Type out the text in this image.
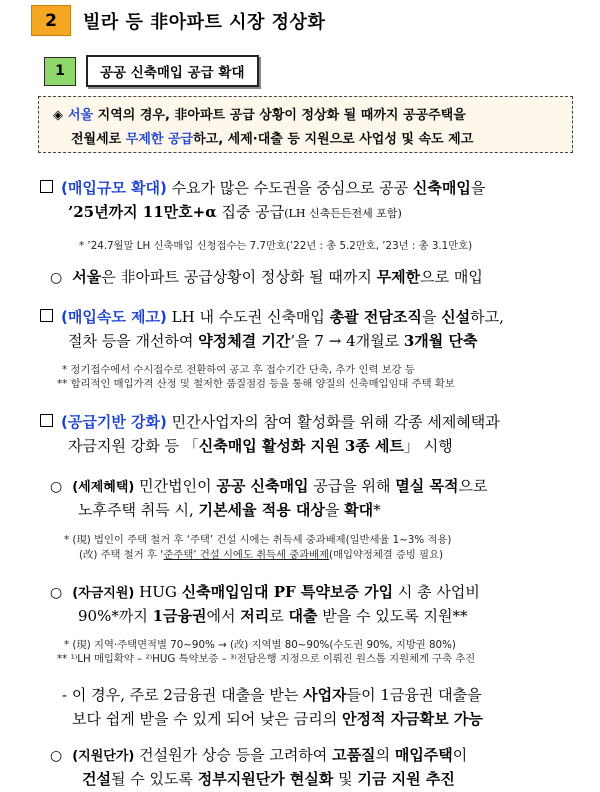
2	빌라 등 非아파트 시장 정상화
1	공공 신축매입 공급 확대
◈ 서울 지역의 경우, 非아파트 공급 상황이 정상화 될 때까지 공공주택을
전월세로 무제한 공급하고, 세제·대출 등 지원으로 사업성 및 속도 제고
(매입규모 확대) 수요가 많은 수도권을 중심으로 공공 신축매입을
’25년까지 11만호+α 집중 공급(LH 신축든든전세 포함)
* ’24.7월말 LH 신축매입 신청접수는 7.7만호(’22년 : 총 5.2만호, ’23년 : 총 3.1만호)
○ 서울은 非아파트 공급상황이 정상화 될 때까지 무제한으로 매입
(매입속도 제고) LH 내 수도권 신축매입 총괄 전담조직을 신설하고,
절차 등을 개선하여 약정체결 기간’을 7 → 4개월로 3개월 단축
* 정기접수에서 수시접수로 전환하여 공고 후 접수기간 단축, 추가 인력 보강 등
** 합리적인 매입가격 산정 및 철저한 품질점검 등을 통해 양질의 신축매입임대 주택 확보
(공급기반 강화) 민간사업자의 참여 활성화를 위해 각종 세제혜택과
자금지원 강화 등 「신축매입 활성화 지원 3종 세트」 시행
○ (세제혜택) 민간법인이 공공 신축매입 공급을 위해 멸실 목적으로
노후주택 취득 시, 기본세율 적용 대상을 확대*
* (現) 법인이 주택 철거 후 ‘주택’ 건설 시에는 취득세 중과배제(일반세율 1~3% 적용)
(改) 주택 철거 후 ‘준주택’ 건설 시에도 취득세 중과배제(매입약정체결 증빙 필요)
○ (자금지원) HUG 신축매입임대 PF 특약보증 가입 시 총 사업비
90%*까지 1금융권에서 저리로 대출 받을 수 있도록 지원**
* (現) 지역·주택면적별 70~90% → (改) 지역별 80~90%(수도권 90%, 지방권 80%)
** ¹⁾LH 매입확약 – ²⁾HUG 특약보증 – ³⁾전담은행 지정으로 이뤄진 원스톱 지원체계 구축 추진
- 이 경우, 주로 2금융권 대출을 받는 사업자들이 1금융권 대출을
보다 쉽게 받을 수 있게 되어 낮은 금리의 안정적 자금확보 가능
○ (지원단가) 건설원가 상승 등을 고려하여 고품질의 매입주택이
건설될 수 있도록 정부지원단가 현실화 및 기금 지원 추진
